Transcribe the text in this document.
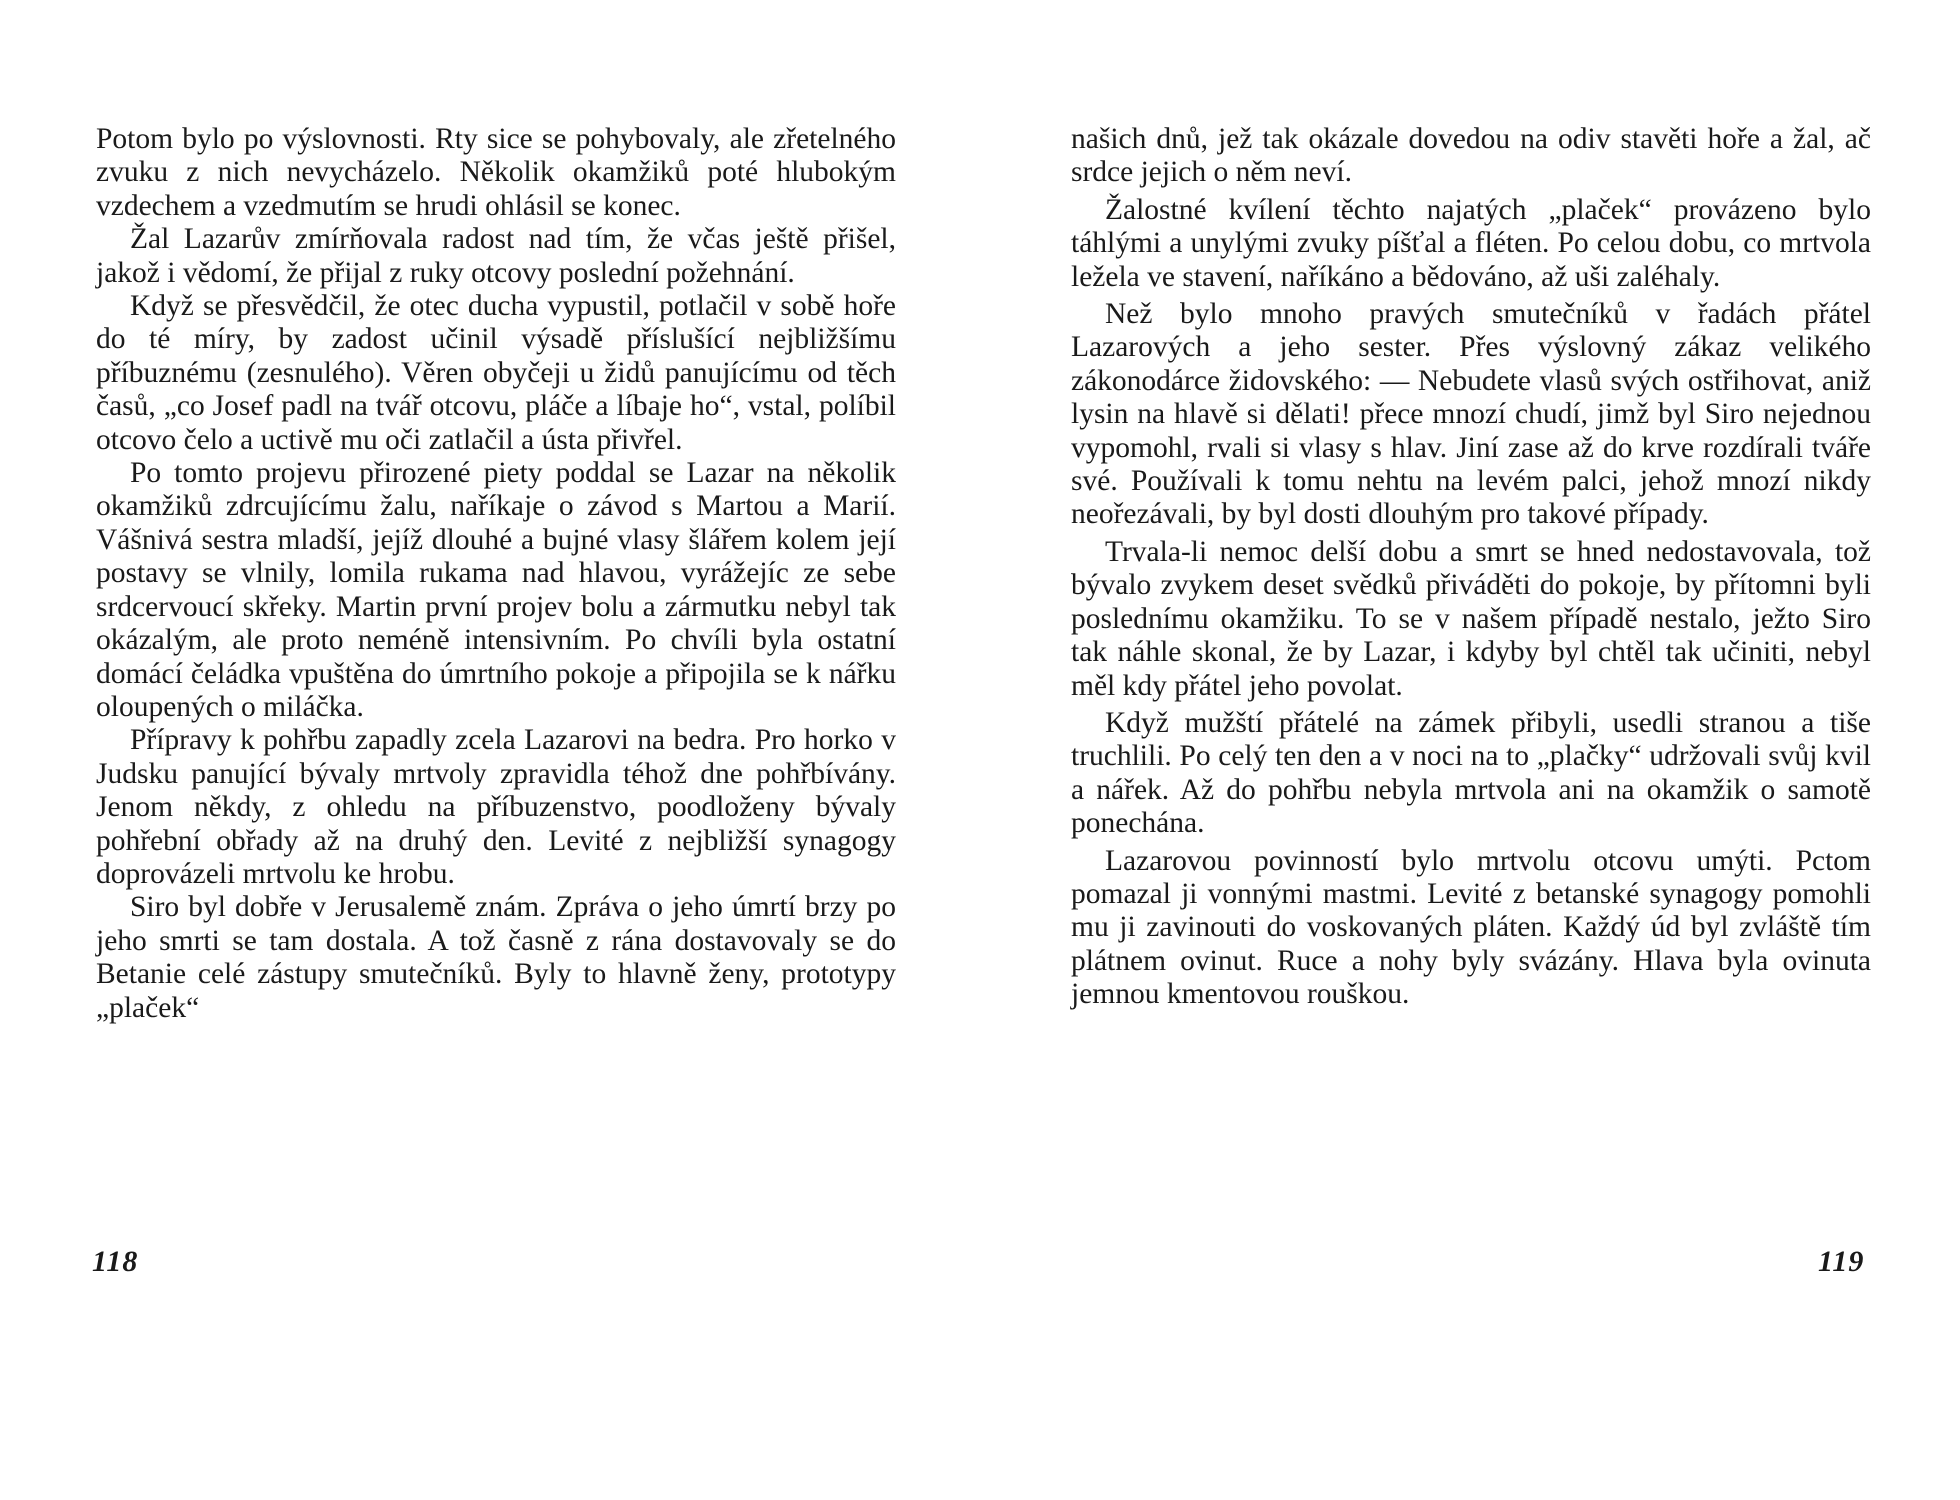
Potom bylo po výslovnosti. Rty sice se pohybovaly, ale zřetelného zvuku z nich nevycházelo. Několik okamžiků poté hlubokým vzdechem a vzedmutím se hrudi ohlásil se konec.

Žal Lazarův zmírňovala radost nad tím, že včas ještě přišel, jakož i vědomí, že přijal z ruky otcovy poslední požehnání.

Když se přesvědčil, že otec ducha vypustil, potlačil v sobě hoře do té míry, by zadost učinil výsadě příslušící nejbližšímu příbuznému (zesnulého). Věren obyčeji u židů panujícímu od těch časů, „co Josef padl na tvář otcovu, pláče a líbaje ho“, vstal, políbil otcovo čelo a uctivě mu oči zatlačil a ústa přivřel.

Po tomto projevu přirozené piety poddal se Lazar na několik okamžiků zdrcujícímu žalu, naříkaje o závod s Martou a Marií. Vášnivá sestra mladší, jejíž dlouhé a bujné vlasy šlářem kolem její postavy se vlnily, lomila rukama nad hlavou, vyrážejíc ze sebe srdcervoucí skřeky. Martin první projev bolu a zármutku nebyl tak okázalým, ale proto neméně intensivním. Po chvíli byla ostatní domácí čeládka vpuštěna do úmrtního pokoje a připojila se k nářku oloupených o miláčka.

Přípravy k pohřbu zapadly zcela Lazarovi na bedra. Pro horko v Judsku panující bývaly mrtvoly zpravidla téhož dne pohřbívány. Jenom někdy, z ohledu na příbuzenstvo, poodloženy bývaly pohřební obřady až na druhý den. Levité z nejbližší synagogy doprovázeli mrtvolu ke hrobu.

Siro byl dobře v Jerusalemě znám. Zpráva o jeho úmrtí brzy po jeho smrti se tam dostala. A tož časně z rána dostavovaly se do Betanie celé zástupy smutečníků. Byly to hlavně ženy, prototypy „plaček“

118

našich dnů, jež tak okázale dovedou na odiv stavěti hoře a žal, ač srdce jejich o něm neví.

Žalostné kvílení těchto najatých „plaček“ provázeno bylo táhlými a unylými zvuky píšťal a fléten. Po celou dobu, co mrtvola ležela ve stavení, naříkáno a bědováno, až uši zaléhaly.

Než bylo mnoho pravých smutečníků v řadách přátel Lazarových a jeho sester. Přes výslovný zákaz velikého zákonodárce židovského: — Nebudete vlasů svých ostřihovat, aniž lysin na hlavě si dělati! přece mnozí chudí, jimž byl Siro nejednou vypomohl, rvali si vlasy s hlav. Jiní zase až do krve rozdírali tváře své. Používali k tomu nehtu na levém palci, jehož mnozí nikdy neořezávali, by byl dosti dlouhým pro takové případy.

Trvala-li nemoc delší dobu a smrt se hned nedostavovala, tož bývalo zvykem deset svědků přiváděti do pokoje, by přítomni byli poslednímu okamžiku. To se v našem případě nestalo, ježto Siro tak náhle skonal, že by Lazar, i kdyby byl chtěl tak učiniti, nebyl měl kdy přátel jeho povolat.

Když mužští přátelé na zámek přibyli, usedli stranou a tiše truchlili. Po celý ten den a v noci na to „plačky“ udržovali svůj kvil a nářek. Až do pohřbu nebyla mrtvola ani na okamžik o samotě ponechána.

Lazarovou povinností bylo mrtvolu otcovu umýti. Pctom pomazal ji vonnými mastmi. Levité z betanské synagogy pomohli mu ji zavinouti do voskovaných pláten. Každý úd byl zvláště tím plátnem ovinut. Ruce a nohy byly svázány. Hlava byla ovinuta jemnou kmentovou rouškou.

119
